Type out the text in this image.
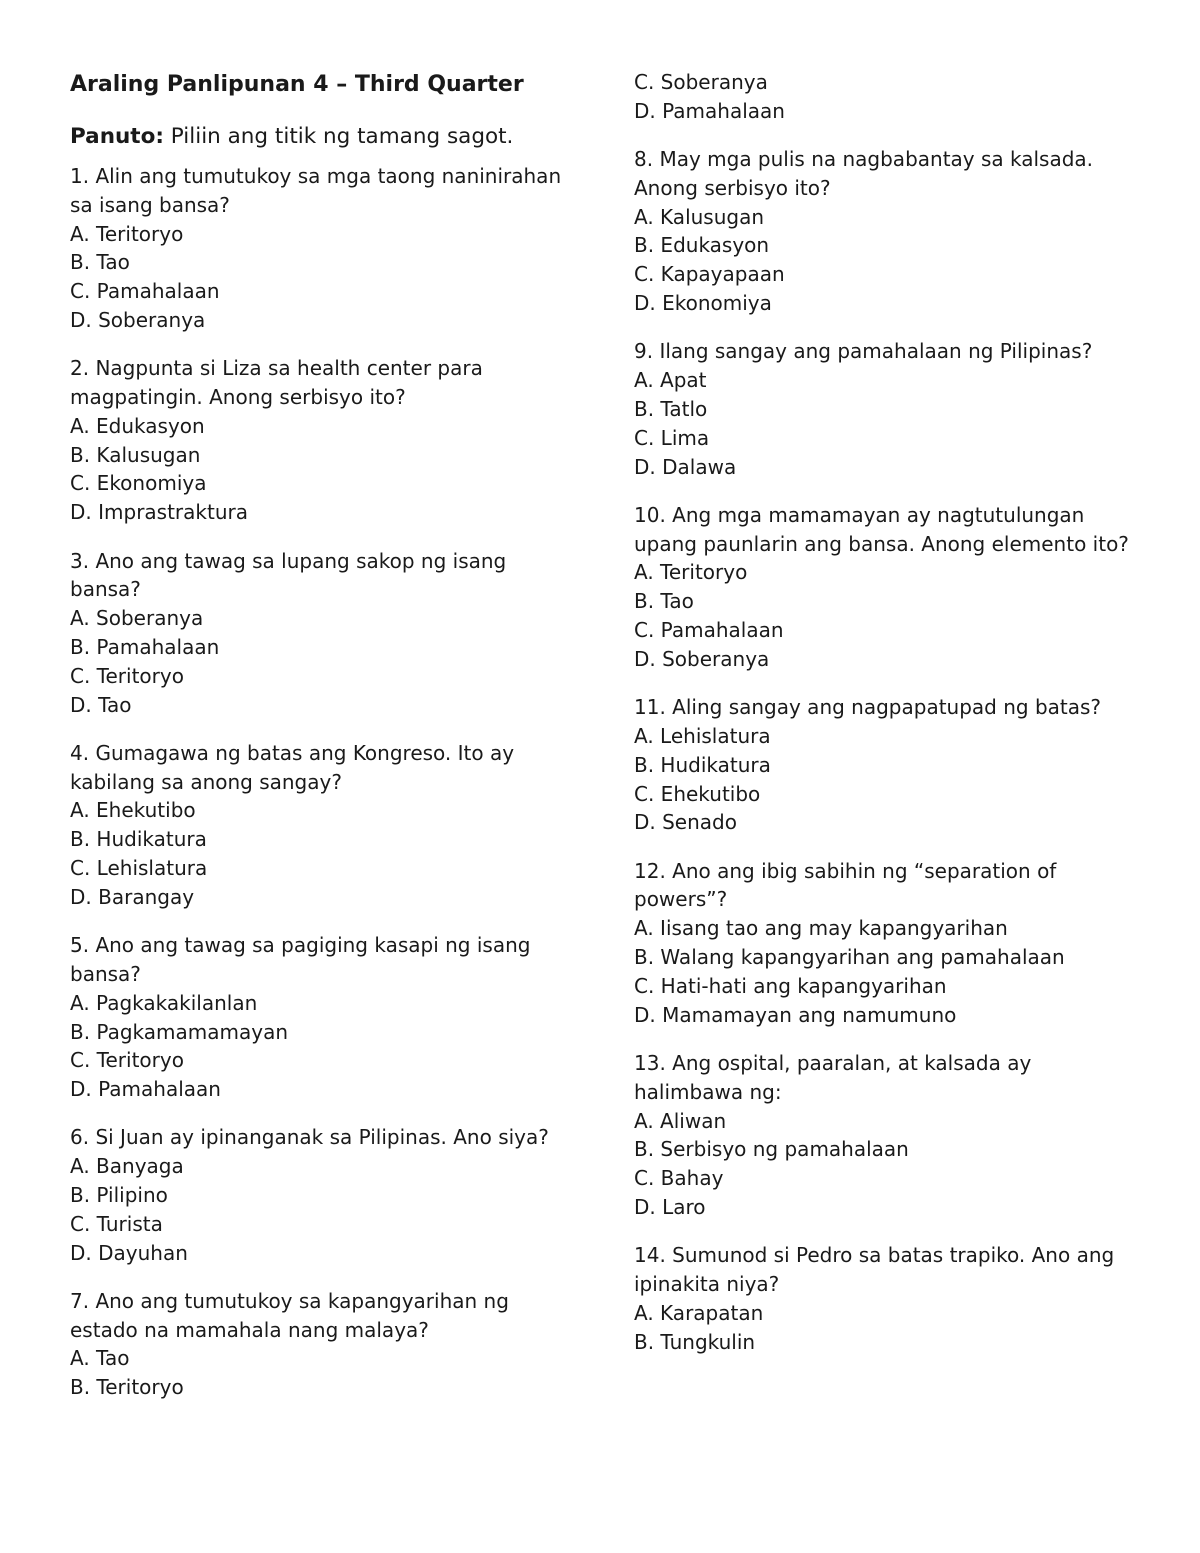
Araling Panlipunan 4 – Third Quarter
Panuto: Piliin ang titik ng tamang sagot.
1. Alin ang tumutukoy sa mga taong naninirahan sa isang bansa?
A. Teritoryo
B. Tao
C. Pamahalaan
D. Soberanya
2. Nagpunta si Liza sa health center para magpatingin. Anong serbisyo ito?
A. Edukasyon
B. Kalusugan
C. Ekonomiya
D. Imprastraktura
3. Ano ang tawag sa lupang sakop ng isang bansa?
A. Soberanya
B. Pamahalaan
C. Teritoryo
D. Tao
4. Gumagawa ng batas ang Kongreso. Ito ay kabilang sa anong sangay?
A. Ehekutibo
B. Hudikatura
C. Lehislatura
D. Barangay
5. Ano ang tawag sa pagiging kasapi ng isang bansa?
A. Pagkakakilanlan
B. Pagkamamamayan
C. Teritoryo
D. Pamahalaan
6. Si Juan ay ipinanganak sa Pilipinas. Ano siya?
A. Banyaga
B. Pilipino
C. Turista
D. Dayuhan
7. Ano ang tumutukoy sa kapangyarihan ng estado na mamahala nang malaya?
A. Tao
B. Teritoryo
C. Soberanya
D. Pamahalaan
8. May mga pulis na nagbabantay sa kalsada. Anong serbisyo ito?
A. Kalusugan
B. Edukasyon
C. Kapayapaan
D. Ekonomiya
9. Ilang sangay ang pamahalaan ng Pilipinas?
A. Apat
B. Tatlo
C. Lima
D. Dalawa
10. Ang mga mamamayan ay nagtutulungan upang paunlarin ang bansa. Anong elemento ito?
A. Teritoryo
B. Tao
C. Pamahalaan
D. Soberanya
11. Aling sangay ang nagpapatupad ng batas?
A. Lehislatura
B. Hudikatura
C. Ehekutibo
D. Senado
12. Ano ang ibig sabihin ng “separation of powers”?
A. Iisang tao ang may kapangyarihan
B. Walang kapangyarihan ang pamahalaan
C. Hati-hati ang kapangyarihan
D. Mamamayan ang namumuno
13. Ang ospital, paaralan, at kalsada ay halimbawa ng:
A. Aliwan
B. Serbisyo ng pamahalaan
C. Bahay
D. Laro
14. Sumunod si Pedro sa batas trapiko. Ano ang ipinakita niya?
A. Karapatan
B. Tungkulin
